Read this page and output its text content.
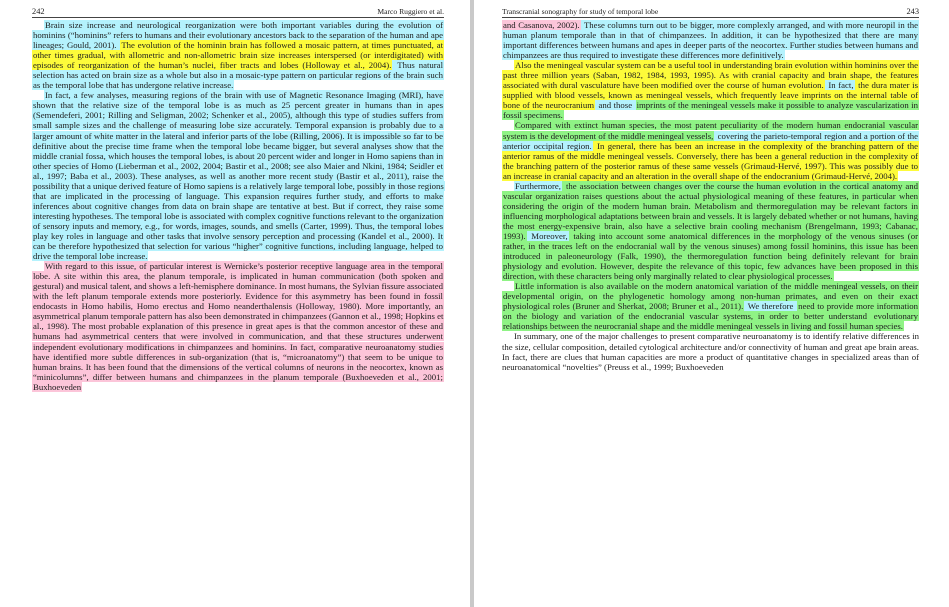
242	Marco Ruggiero et al.

Brain size increase and neurological reorganization were both important variables during the evolution of hominins (“hominins” refers to humans and their evolutionary ancestors back to the separation of the human and ape lineages; Gould, 2001). The evolution of the hominin brain has followed a mosaic pattern, at times punctuated, at other times gradual, with allometric and non-allometric brain size increases interspersed (or interdigitated) with episodes of reorganization of the human’s nuclei, fiber tracts and lobes (Holloway et al., 2004). Thus natural selection has acted on brain size as a whole but also in a mosaic-type pattern on particular regions of the brain such as the temporal lobe that has undergone relative increase.

In fact, a few analyses, measuring regions of the brain with use of Magnetic Resonance Imaging (MRI), have shown that the relative size of the temporal lobe is as much as 25 percent greater in humans than in apes (Semendeferi, 2001; Rilling and Seligman, 2002; Schenker et al., 2005), although this type of studies suffers from small sample sizes and the challenge of measuring lobe size accurately. Temporal expansion is probably due to a larger amount of white matter in the lateral and inferior parts of the lobe (Rilling, 2006). It is impossible so far to be definitive about the precise time frame when the temporal lobe became bigger, but several analyses show that the middle cranial fossa, which houses the temporal lobes, is about 20 percent wider and longer in Homo sapiens than in other species of Homo (Lieberman et al., 2002, 2004; Bastir et al., 2008; see also Maier and Nkini, 1984; Seidler et al., 1997; Baba et al., 2003). These analyses, as well as another more recent study (Bastir et al., 2011), raise the possibility that a unique derived feature of Homo sapiens is a relatively large temporal lobe, possibly in those regions that are implicated in the processing of language. This expansion requires further study, and efforts to make inferences about cognitive changes from data on brain shape are tentative at best. But if correct, they raise some interesting hypotheses. The temporal lobe is associated with complex cognitive functions relevant to the organization of sensory inputs and memory, e.g., for words, images, sounds, and smells (Carter, 1999). Thus, the temporal lobes play key roles in language and other tasks that involve sensory perception and processing (Kandel et al., 2000). It can be therefore hypothesized that selection for various “higher” cognitive functions, including language, helped to drive the temporal lobe increase.

With regard to this issue, of particular interest is Wernicke’s posterior receptive language area in the temporal lobe. A site within this area, the planum temporale, is implicated in human communication (both spoken and gestural) and musical talent, and shows a left-hemisphere dominance. In most humans, the Sylvian fissure associated with the left planum temporale extends more posteriorly. Evidence for this asymmetry has been found in fossil endocasts in Homo habilis, Homo erectus and Homo neanderthalensis (Holloway, 1980). More importantly, an asymmetrical planum temporale pattern has also been demonstrated in chimpanzees (Gannon et al., 1998; Hopkins et al., 1998). The most probable explanation of this presence in great apes is that the common ancestor of these and humans had asymmetrical centers that were involved in communication, and that these structures underwent independent evolutionary modifications in chimpanzees and hominins. In fact, comparative neuroanatomy studies have identified more subtle differences in sub-organization (that is, “microanatomy”) that seem to be unique to human brains. It has been found that the dimensions of the vertical columns of neurons in the neocortex, known as “minicolumns”, differ between humans and chimpanzees in the planum temporale (Buxhoeveden et al., 2001; Buxhoeveden

Transcranial sonography for study of temporal lobe	243

and Casanova, 2002). These columns turn out to be bigger, more complexly arranged, and with more neuropil in the human planum temporale than in that of chimpanzees. In addition, it can be hypothesized that there are many important differences between humans and apes in deeper parts of the neocortex. Further studies between humans and chimpanzees are thus required to investigate these differences more definitively.

Also the meningeal vascular system can be a useful tool in understanding brain evolution within hominins over the past three million years (Saban, 1982, 1984, 1993, 1995). As with cranial capacity and brain shape, the features associated with dural vasculature have been modified over the course of human evolution. In fact, the dura mater is supplied with blood vessels, known as meningeal vessels, which frequently leave imprints on the internal table of bone of the neurocranium and those imprints of the meningeal vessels make it possible to analyze vascularization in fossil specimens.

Compared with extinct human species, the most patent peculiarity of the modern human endocranial vascular system is the development of the middle meningeal vessels, covering the parieto-temporal region and a portion of the anterior occipital region. In general, there has been an increase in the complexity of the branching pattern of the anterior ramus of the middle meningeal vessels. Conversely, there has been a general reduction in the complexity of the branching pattern of the posterior ramus of these same vessels (Grimaud-Hervé, 1997). This was possibly due to an increase in cranial capacity and an alteration in the overall shape of the endocranium (Grimaud-Hervé, 2004).

Furthermore, the association between changes over the course the human evolution in the cortical anatomy and vascular organization raises questions about the actual physiological meaning of these features, in particular when considering the origin of the modern human brain. Metabolism and thermoregulation may be relevant factors in influencing morphological adaptations between brain and vessels. It is largely debated whether or not humans, having the most energy-expensive brain, also have a selective brain cooling mechanism (Brengelmann, 1993; Cabanac, 1993). Moreover, taking into account some anatomical differences in the morphology of the venous sinuses (or rather, in the traces left on the endocranial wall by the venous sinuses) among fossil hominins, this issue has been introduced in paleoneurology (Falk, 1990), the thermoregulation function being definitely relevant for brain physiology and evolution. However, despite the relevance of this topic, few advances have been proposed in this direction, with these characters being only marginally related to clear physiological processes.

Little information is also available on the modern anatomical variation of the middle meningeal vessels, on their developmental origin, on the phylogenetic homology among non-human primates, and even on their exact physiological roles (Bruner and Sherkat, 2008; Bruner et al., 2011). We therefore need to provide more information on the biology and variation of the endocranial vascular systems, in order to better understand evolutionary relationships between the neurocranial shape and the middle meningeal vessels in living and fossil human species.

In summary, one of the major challenges to present comparative neuroanatomy is to identify relative differences in the size, cellular composition, detailed cytological architecture and/or connectivity of human and great ape brain areas. In fact, there are clues that human capacities are more a product of quantitative changes in specialized areas than of neuroanatomical “novelties” (Preuss et al., 1999; Buxhoeveden
